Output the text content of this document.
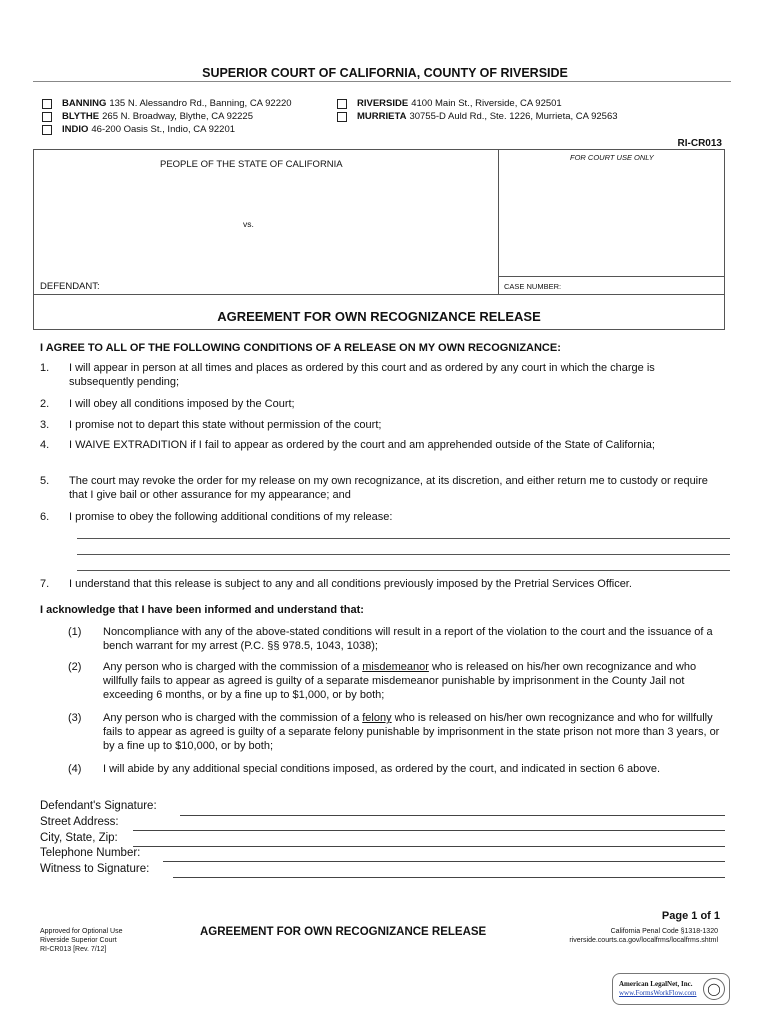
SUPERIOR COURT OF CALIFORNIA, COUNTY OF RIVERSIDE
BANNING 135 N. Alessandro Rd., Banning, CA 92220
BLYTHE 265 N. Broadway, Blythe, CA 92225
INDIO 46-200 Oasis St., Indio, CA 92201
RIVERSIDE 4100 Main St., Riverside, CA 92501
MURRIETA 30755-D Auld Rd., Ste. 1226, Murrieta, CA 92563
RI-CR013
PEOPLE OF THE STATE OF CALIFORNIA
vs.
DEFENDANT:
FOR COURT USE ONLY
CASE NUMBER:
AGREEMENT FOR OWN RECOGNIZANCE RELEASE
I AGREE TO ALL OF THE FOLLOWING CONDITIONS OF A RELEASE ON MY OWN RECOGNIZANCE:
1. I will appear in person at all times and places as ordered by this court and as ordered by any court in which the charge is subsequently pending;
2. I will obey all conditions imposed by the Court;
3. I promise not to depart this state without permission of the court;
4. I WAIVE EXTRADITION if I fail to appear as ordered by the court and am apprehended outside of the State of California;
5. The court may revoke the order for my release on my own recognizance, at its discretion, and either return me to custody or require that I give bail or other assurance for my appearance; and
6. I promise to obey the following additional conditions of my release:
7. I understand that this release is subject to any and all conditions previously imposed by the Pretrial Services Officer.
I acknowledge that I have been informed and understand that:
(1) Noncompliance with any of the above-stated conditions will result in a report of the violation to the court and the issuance of a bench warrant for my arrest (P.C. §§ 978.5, 1043, 1038);
(2) Any person who is charged with the commission of a misdemeanor who is released on his/her own recognizance and who willfully fails to appear as agreed is guilty of a separate misdemeanor punishable by imprisonment in the County Jail not exceeding 6 months, or by a fine up to $1,000, or by both;
(3) Any person who is charged with the commission of a felony who is released on his/her own recognizance and who for willfully fails to appear as agreed is guilty of a separate felony punishable by imprisonment in the state prison not more than 3 years, or by a fine up to $10,000, or by both;
(4) I will abide by any additional special conditions imposed, as ordered by the court, and indicated in section 6 above.
Defendant's Signature:
Street Address:
City, State, Zip:
Telephone Number:
Witness to Signature:
Page 1 of 1
Approved for Optional Use
Riverside Superior Court
RI-CR013 [Rev. 7/12]
AGREEMENT FOR OWN RECOGNIZANCE RELEASE	California Penal Code §1318-1320
riverside.courts.ca.gov/localfrms/localfrms.shtml
American LegalNet, Inc.
www.FormsWorkFlow.com ◯
